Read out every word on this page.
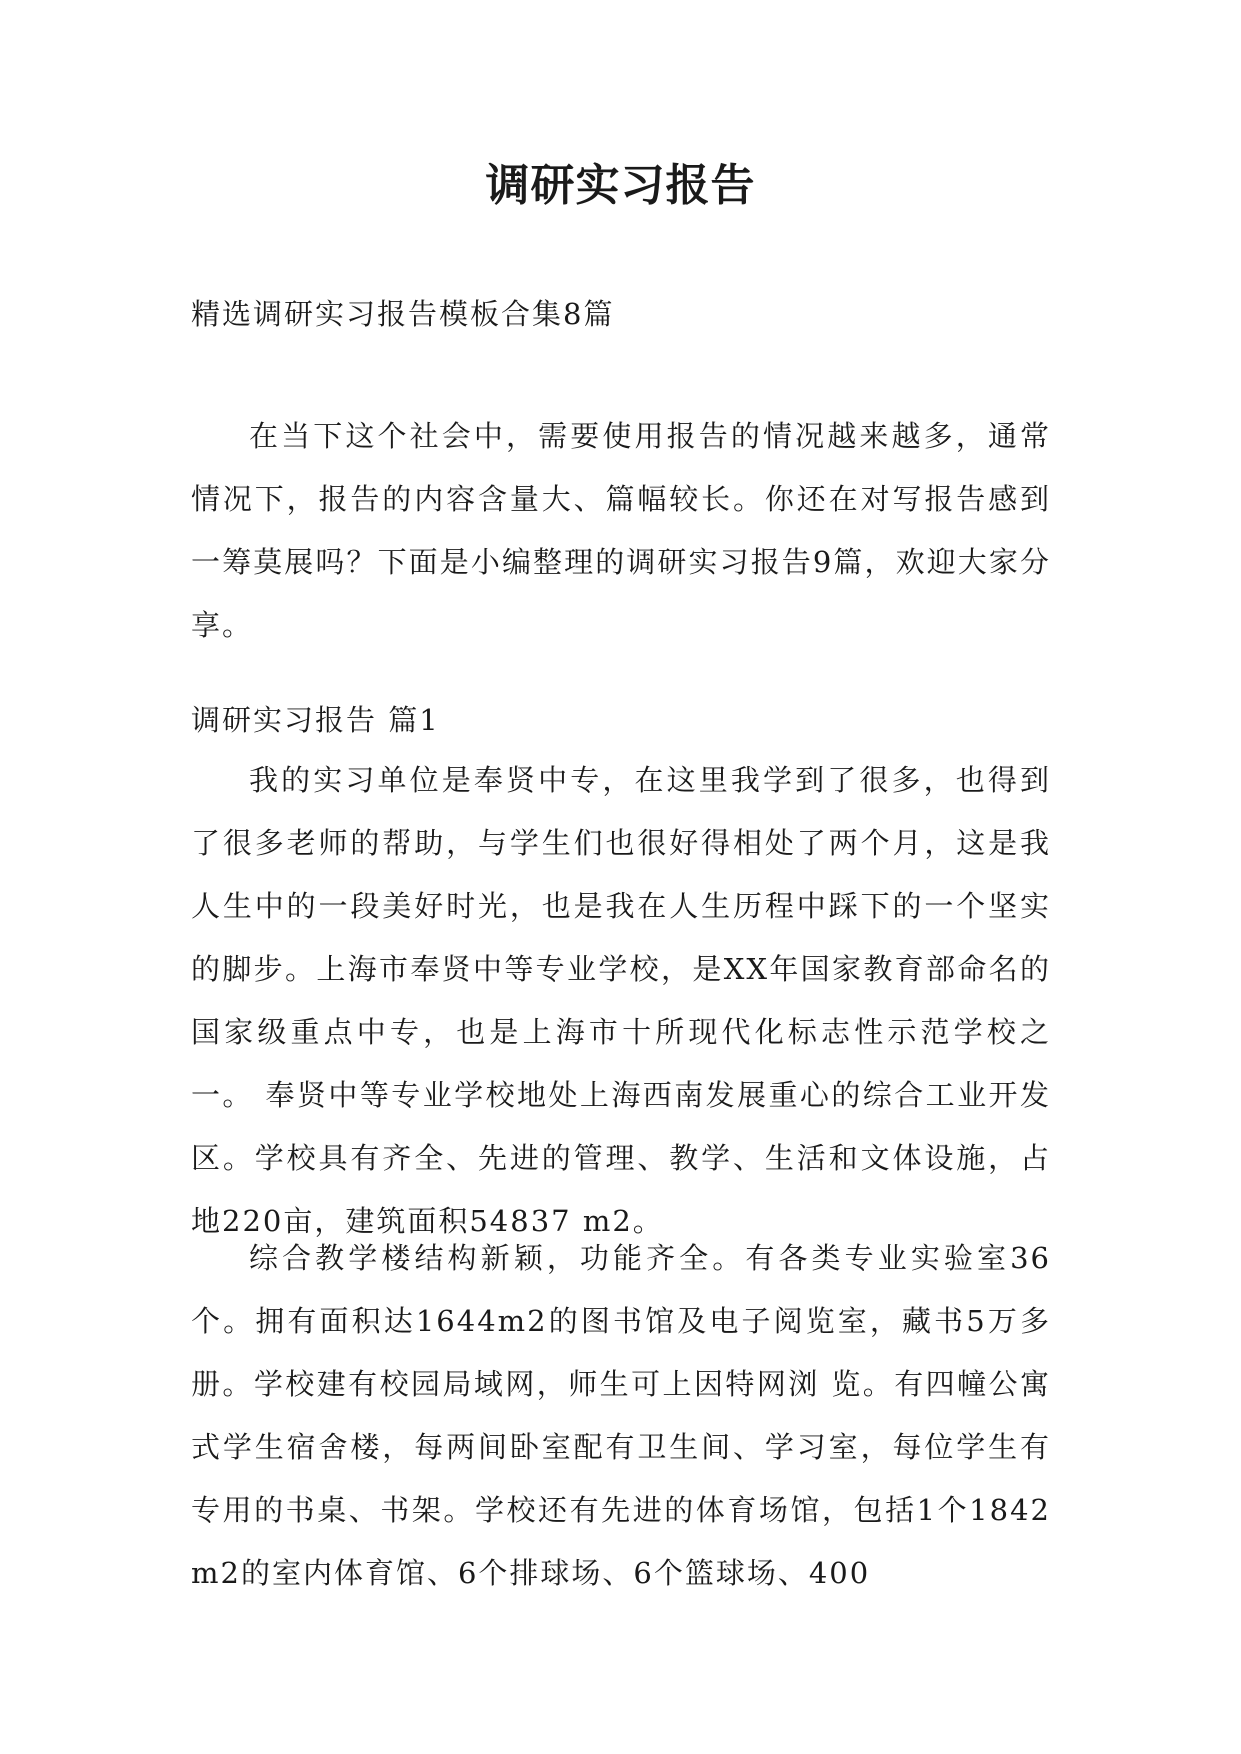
调研实习报告
精选调研实习报告模板合集8篇

在当下这个社会中，需要使用报告的情况越来越多，通常情况下，报告的内容含量大、篇幅较长。你还在对写报告感到一筹莫展吗？下面是小编整理的调研实习报告9篇，欢迎大家分享。

调研实习报告 篇1

我的实习单位是奉贤中专，在这里我学到了很多，也得到了很多老师的帮助，与学生们也很好得相处了两个月，这是我人生中的一段美好时光，也是我在人生历程中踩下的一个坚实的脚步。上海市奉贤中等专业学校，是XX年国家教育部命名的国家级重点中专，也是上海市十所现代化标志性示范学校之一。 奉贤中等专业学校地处上海西南发展重心的综合工业开发区。学校具有齐全、先进的管理、教学、生活和文体设施，占地220亩，建筑面积54837 m2。

综合教学楼结构新颖，功能齐全。有各类专业实验室36个。拥有面积达1644m2的图书馆及电子阅览室，藏书5万多册。学校建有校园局域网，师生可上因特网浏 览。有四幢公寓式学生宿舍楼，每两间卧室配有卫生间、学习室，每位学生有专用的书桌、书架。学校还有先进的体育场馆，包括1个1842 m2的室内体育馆、6个排球场、6个篮球场、400
